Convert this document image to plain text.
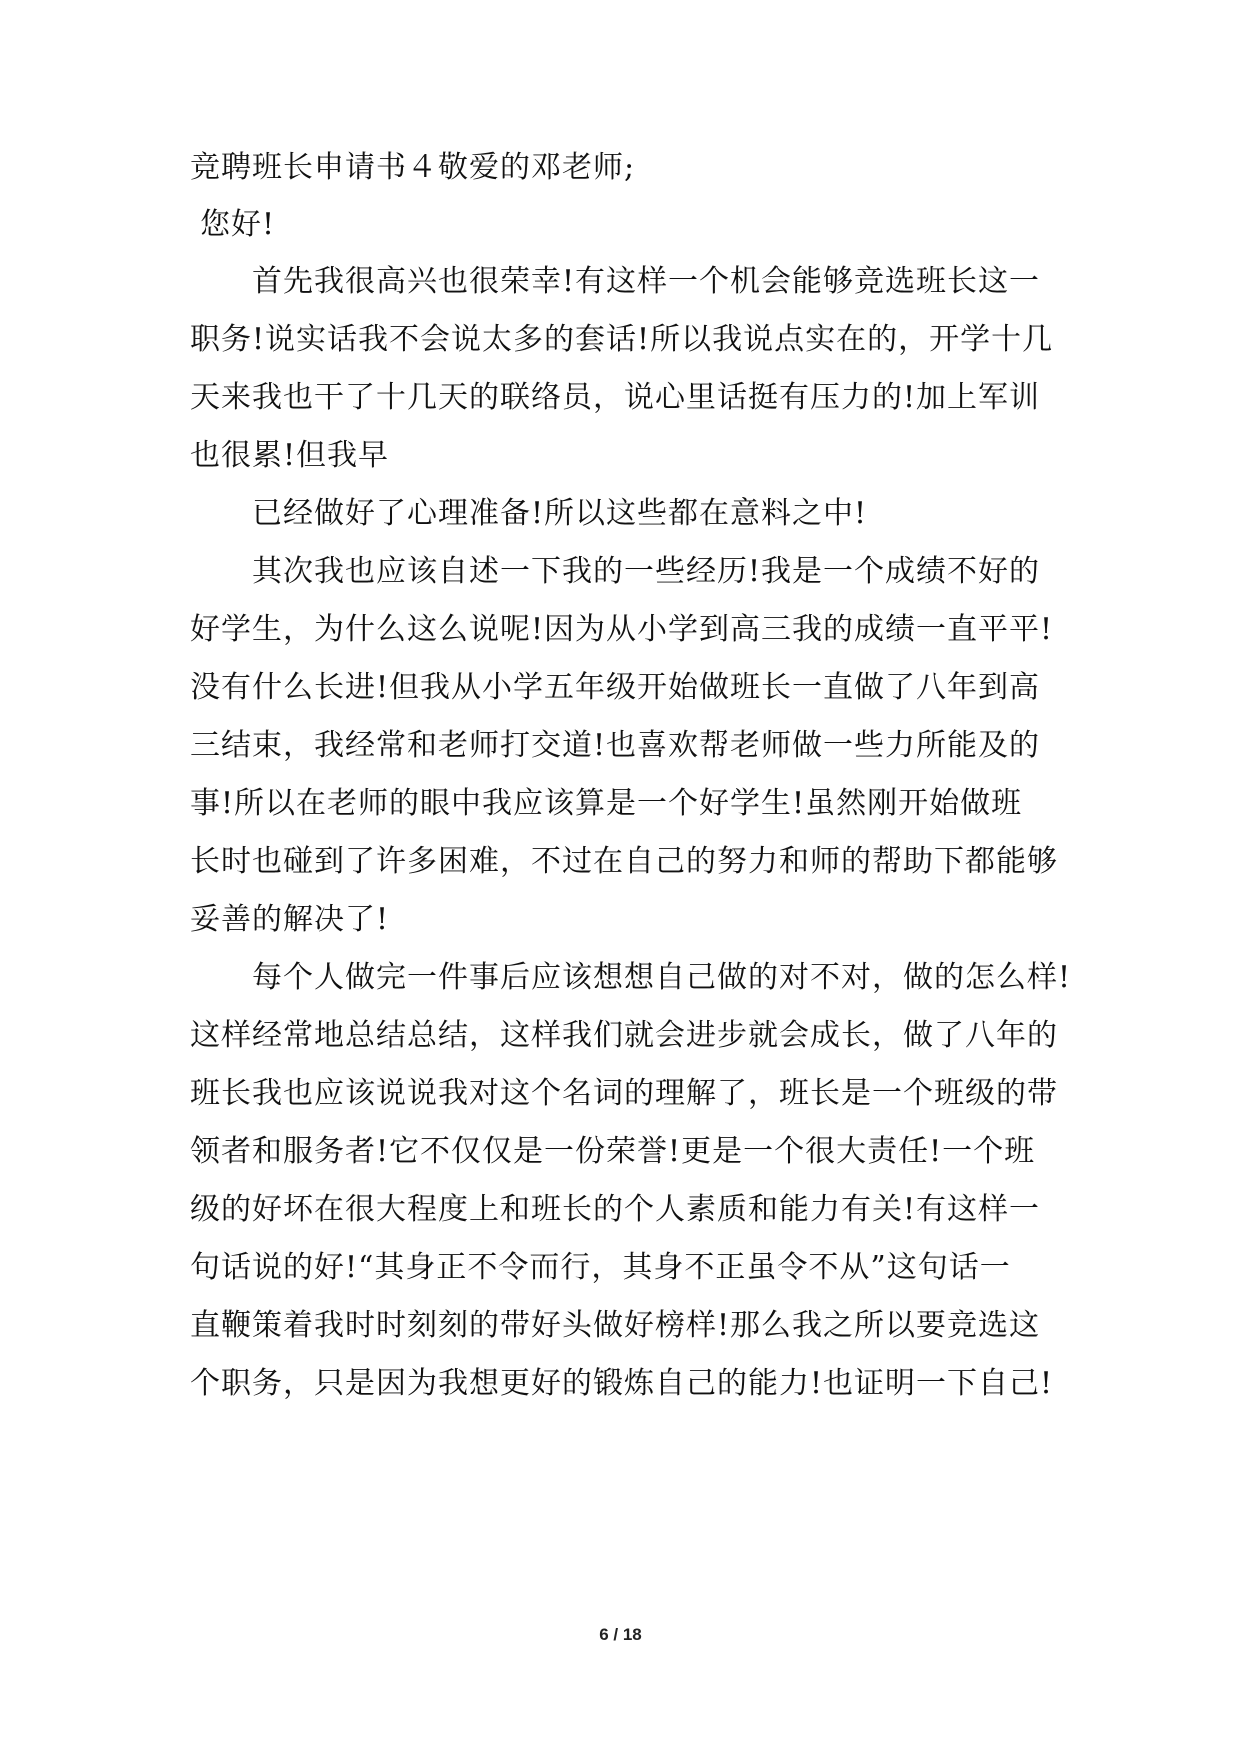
竞聘班长申请书４敬爱的邓老师;
您好!
首先我很高兴也很荣幸!有这样一个机会能够竞选班长这一
职务!说实话我不会说太多的套话!所以我说点实在的，开学十几
天来我也干了十几天的联络员，说心里话挺有压力的!加上军训
也很累!但我早
已经做好了心理准备!所以这些都在意料之中!
其次我也应该自述一下我的一些经历!我是一个成绩不好的
好学生，为什么这么说呢!因为从小学到高三我的成绩一直平平!
没有什么长进!但我从小学五年级开始做班长一直做了八年到高
三结束，我经常和老师打交道!也喜欢帮老师做一些力所能及的
事!所以在老师的眼中我应该算是一个好学生!虽然刚开始做班
长时也碰到了许多困难，不过在自己的努力和师的帮助下都能够
妥善的解决了!
每个人做完一件事后应该想想自己做的对不对，做的怎么样!
这样经常地总结总结，这样我们就会进步就会成长，做了八年的
班长我也应该说说我对这个名词的理解了，班长是一个班级的带
领者和服务者!它不仅仅是一份荣誉!更是一个很大责任!一个班
级的好坏在很大程度上和班长的个人素质和能力有关!有这样一
句话说的好!“其身正不令而行，其身不正虽令不从”这句话一
直鞭策着我时时刻刻的带好头做好榜样!那么我之所以要竞选这
个职务，只是因为我想更好的锻炼自己的能力!也证明一下自己!
6 / 18
